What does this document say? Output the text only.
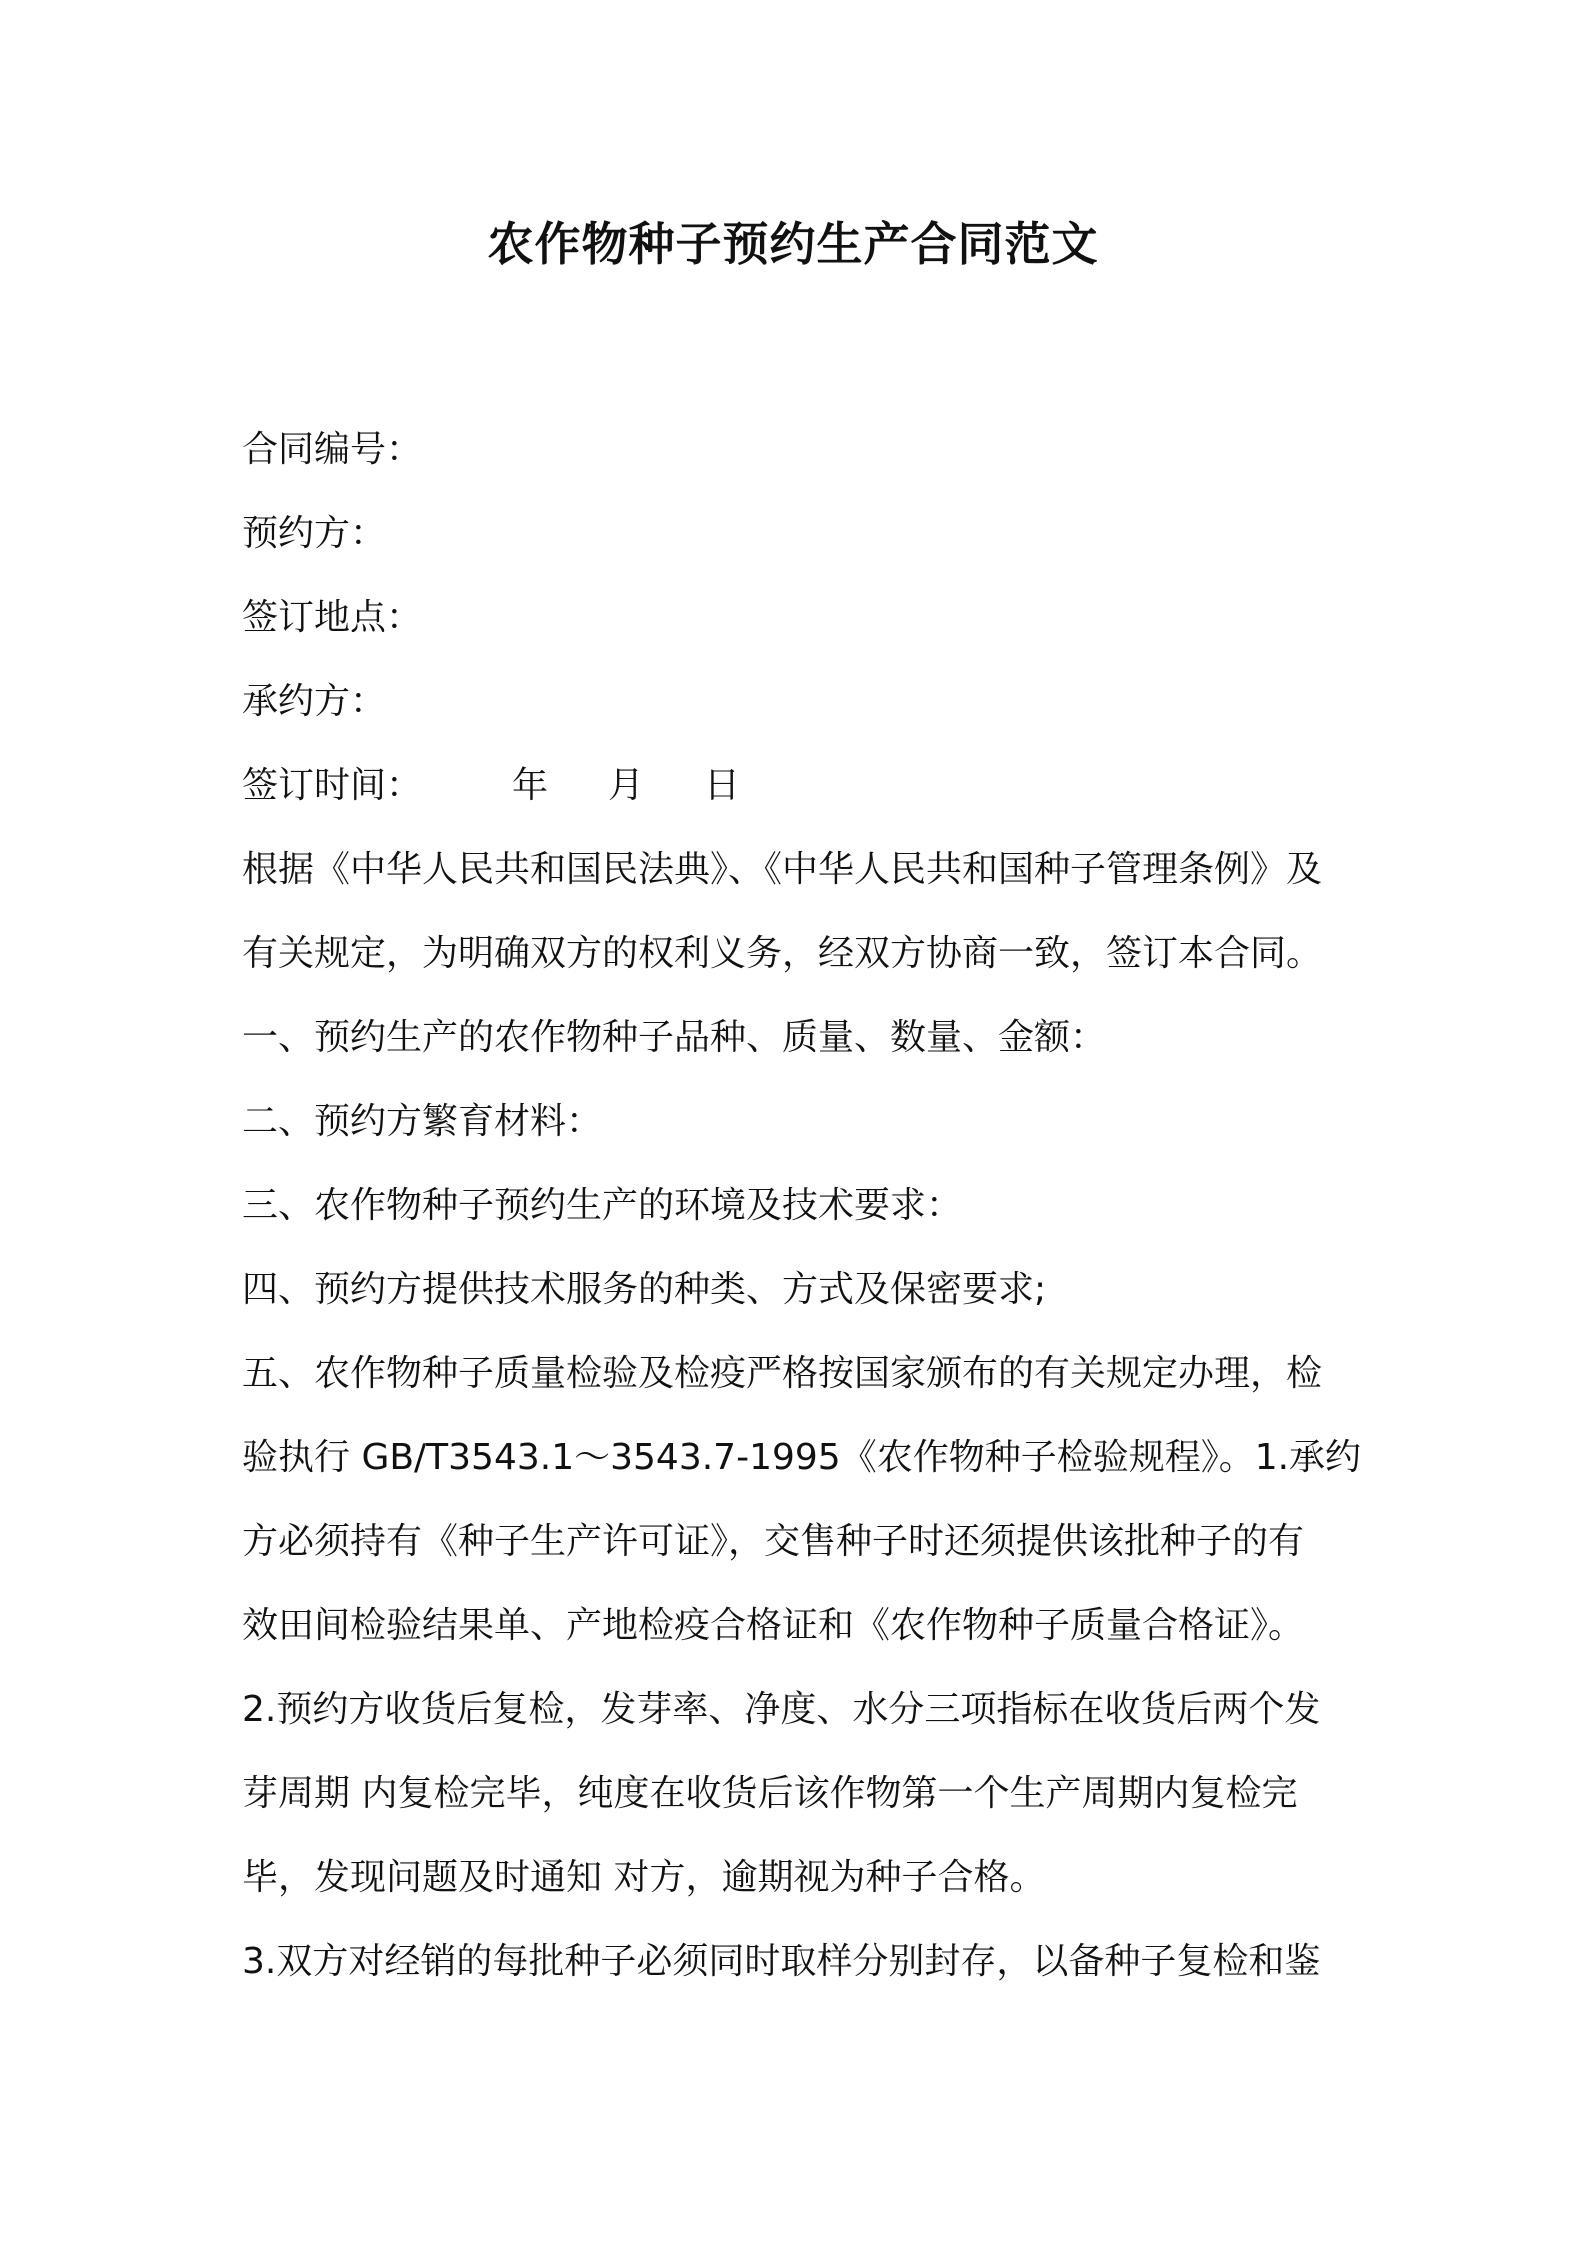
农作物种子预约生产合同范文
合同编号：
预约方：
签订地点：
承约方：
签订时间：	年 月 日
根据《中华人民共和国民法典》、《中华人民共和国种子管理条例》及
有关规定，为明确双方的权利义务，经双方协商一致，签订本合同。
一、预约生产的农作物种子品种、质量、数量、金额：
二、预约方繁育材料：
三、农作物种子预约生产的环境及技术要求：
四、预约方提供技术服务的种类、方式及保密要求;
五、农作物种子质量检验及检疫严格按国家颁布的有关规定办理，检
验执行 GB/T3543.1～3543.7-1995《农作物种子检验规程》。1.承约
方必须持有《种子生产许可证》，交售种子时还须提供该批种子的有
效田间检验结果单、产地检疫合格证和《农作物种子质量合格证》。
2.预约方收货后复检，发芽率、净度、水分三项指标在收货后两个发
芽周期 内复检完毕，纯度在收货后该作物第一个生产周期内复检完
毕，发现问题及时通知 对方，逾期视为种子合格。
3.双方对经销的每批种子必须同时取样分别封存，以备种子复检和鉴
